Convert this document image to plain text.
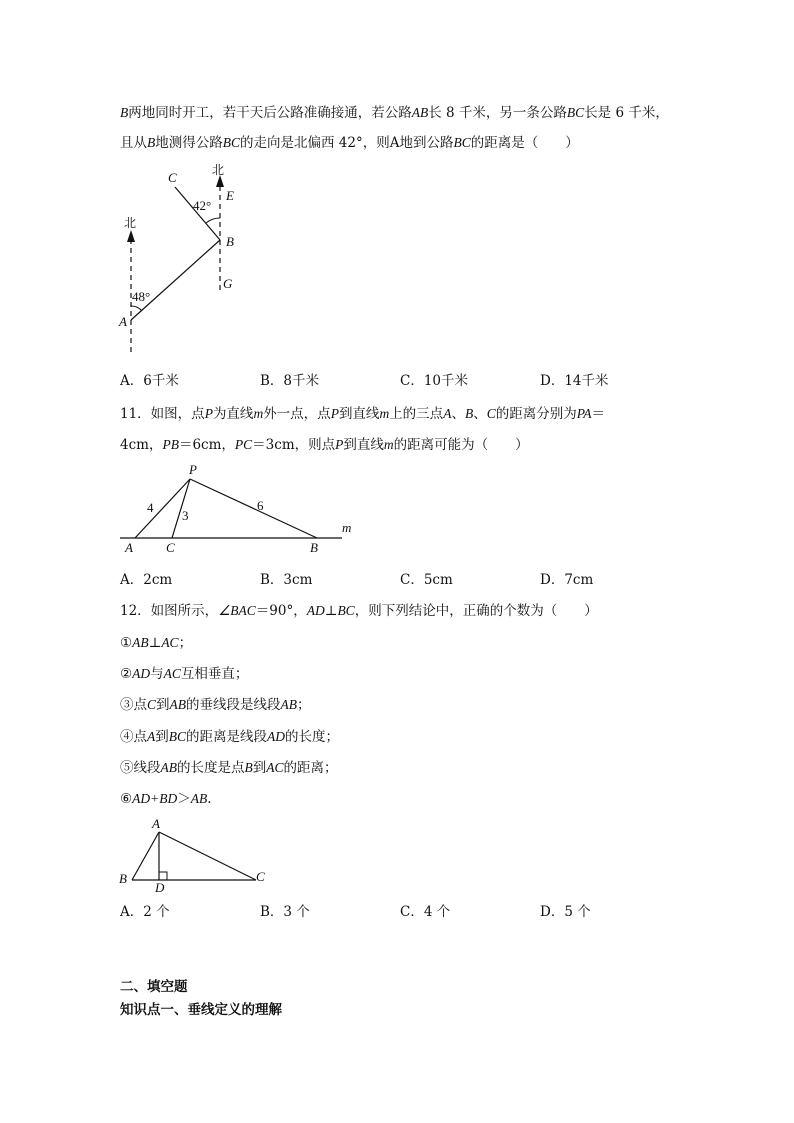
B两地同时开工，若干天后公路准确接通，若公路AB长 8 千米，另一条公路BC长是 6 千米，
且从B地测得公路BC的走向是北偏西 42°，则A地到公路BC的距离是（　　）
北
北
C
E
B
G
A
42°
48°
A．6千米	B．8千米	C．10千米	D．14千米
11．如图，点P为直线m外一点，点P到直线m上的三点A、B、C的距离分别为PA＝
4cm，PB＝6cm，PC＝3cm，则点P到直线m的距离可能为（　　）
P
A	C	B
m
4
3
6
A．2cm	B．3cm	C．5cm	D．7cm
12．如图所示，∠BAC＝90°，AD⊥BC，则下列结论中，正确的个数为（　　）
①AB⊥AC；
②AD与AC互相垂直；
③点C到AB的垂线段是线段AB；
④点A到BC的距离是线段AD的长度；
⑤线段AB的长度是点B到AC的距离；
⑥AD+BD＞AB.
A
B
D
C
A．2 个	B．3 个	C．4 个	D．5 个
二、填空题
知识点一、垂线定义的理解
